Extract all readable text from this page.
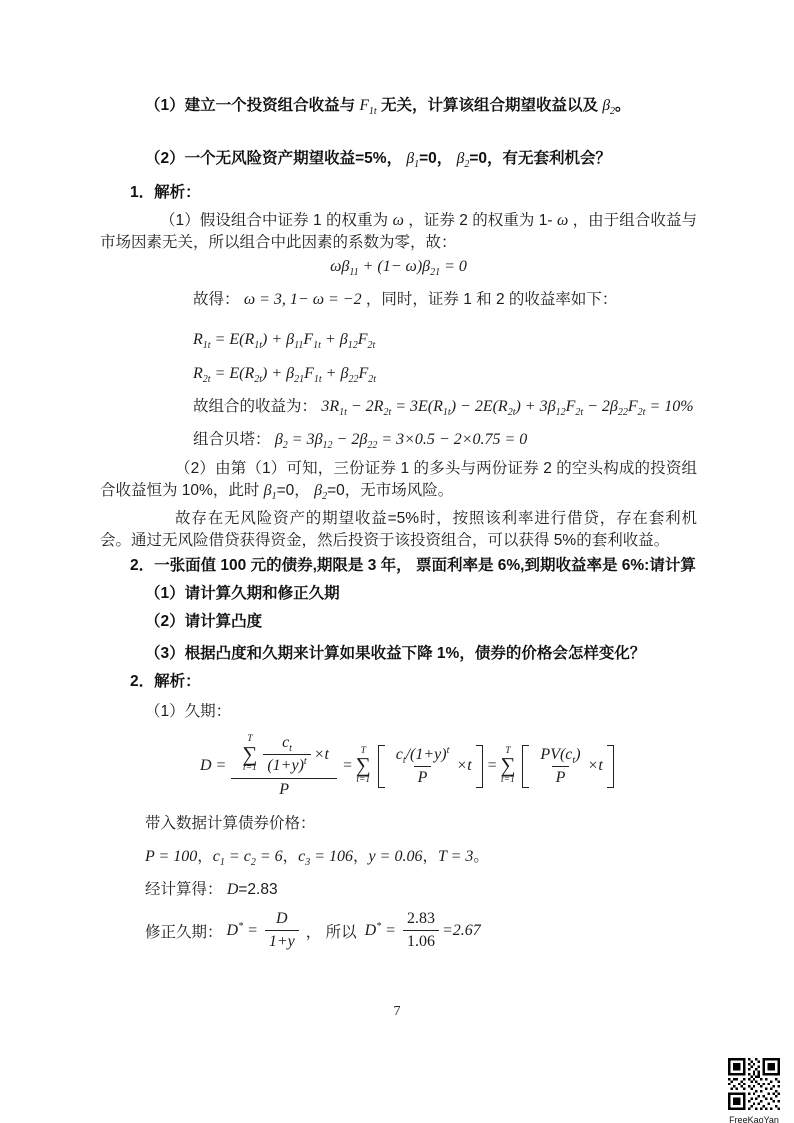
（1）建立一个投资组合收益与 $F_{1t}$ 无关，计算该组合期望收益以及 $\beta_2$。

（2）一个无风险资产期望收益=5%， $\beta_1=0$， $\beta_2=0$，有无套利机会？

1．解析：

（1）假设组合中证券 1 的权重为 ω ，证券 2 的权重为 1- ω ，由于组合收益与市场因素无关，所以组合中此因素的系数为零，故：

$\omega\beta_{11} + (1- \omega)\beta_{21} = 0$

故得： ω = 3, 1− ω = −2 ，同时，证券 1 和 2 的收益率如下：

$R_{1t} = E(R_{1t}) + \beta_{11}F_{1t} + \beta_{12}F_{2t}$

$R_{2t} = E(R_{2t}) + \beta_{21}F_{1t} + \beta_{22}F_{2t}$

故组合的收益为： $3R_{1t} - 2R_{2t} = 3E(R_{1t}) - 2E(R_{2t}) + 3\beta_{12}F_{2t} - 2\beta_{22}F_{2t} = 10\%$

组合贝塔： $\beta_2 = 3\beta_{12} - 2\beta_{22} = 3\times 0.5 - 2\times 0.75 = 0$

（2）由第（1）可知，三份证券 1 的多头与两份证券 2 的空头构成的投资组合收益恒为 10%，此时 $\beta_1=0$， $\beta_2=0$，无市场风险。

故存在无风险资产的期望收益=5%时，按照该利率进行借贷，存在套利机会。通过无风险借贷获得资金，然后投资于该投资组合，可以获得 5%的套利收益。

2．一张面值 100 元的债券,期限是 3 年， 票面利率是 6%,到期收益率是 6%:请计算

（1）请计算久期和修正久期

（2）请计算凸度

（3）根据凸度和久期来计算如果收益下降 1%，债券的价格会怎样变化？

2．解析：

（1）久期：

D =
T
∑
$t=1 \frac{c_t}{(1+y)^t} \times t$
P
=
T
∑
$t=1 \frac{c_t/(1+y)^t}{P} \times t$ =
T
∑
$t=1 \frac{PV(c_t)}{P} \times t$

带入数据计算债券价格：

P = 100，$c_1 = c_2 = 6$，$c_3 = 106$，y = 0.06，T = 3。

经计算得： D=2.83

修正久期： $D^* = \frac{D}{1+y}$ ， 所以 $D^* = \frac{2.83}{1.06} =2.67$
7
FreeKaoYan
